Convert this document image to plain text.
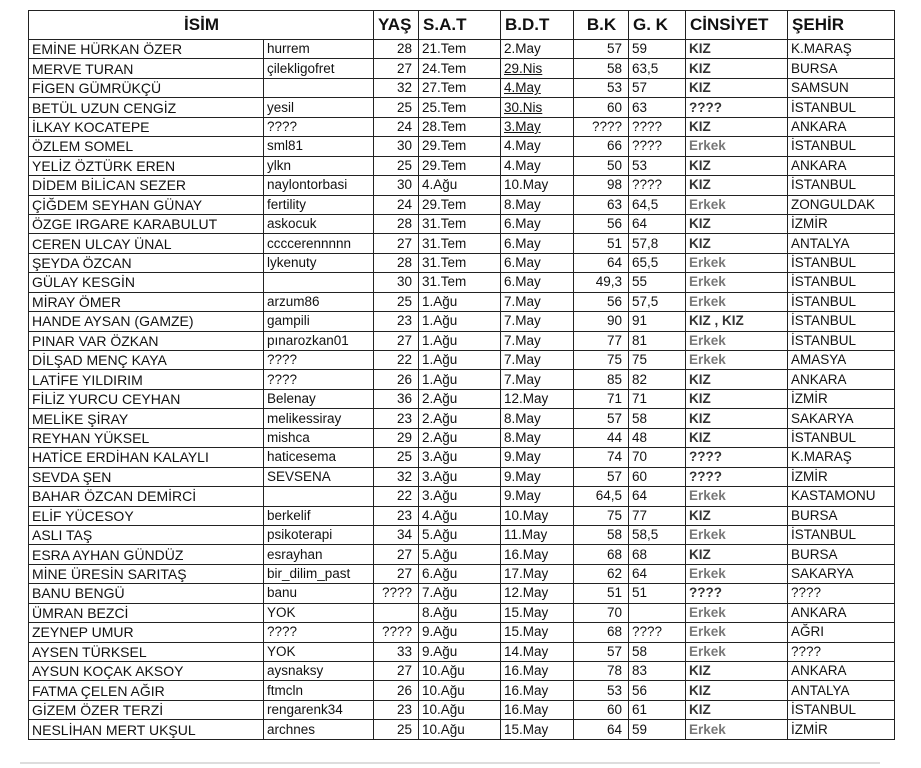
İSİM		YAŞ	S.A.T	B.D.T	B.K	G. K	CİNSİYET	ŞEHİR
EMİNE HÜRKAN ÖZER	hurrem	28	21.Tem	2.May	57	59	KIZ	K.MARAŞ
MERVE TURAN	çilekligofret	27	24.Tem	29.Nis	58	63,5	KIZ	BURSA
FİGEN GÜMRÜKÇÜ		32	27.Tem	4.May	53	57	KIZ	SAMSUN
BETÜL UZUN CENGİZ	yesil	25	25.Tem	30.Nis	60	63	????	İSTANBUL
İLKAY KOCATEPE	????	24	28.Tem	3.May	????	????	KIZ	ANKARA
ÖZLEM SOMEL	sml81	30	29.Tem	4.May	66	????	Erkek	İSTANBUL
YELİZ ÖZTÜRK EREN	ylkn	25	29.Tem	4.May	50	53	KIZ	ANKARA
DİDEM BİLİCAN SEZER	naylontorbasi	30	4.Ağu	10.May	98	????	KIZ	İSTANBUL
ÇİĞDEM SEYHAN GÜNAY	fertility	24	29.Tem	8.May	63	64,5	Erkek	ZONGULDAK
ÖZGE IRGARE KARABULUT	askocuk	28	31.Tem	6.May	56	64	KIZ	İZMİR
CEREN ULCAY ÜNAL	ccccerennnnn	27	31.Tem	6.May	51	57,8	KIZ	ANTALYA
ŞEYDA ÖZCAN	lykenuty	28	31.Tem	6.May	64	65,5	Erkek	İSTANBUL
GÜLAY KESGİN		30	31.Tem	6.May	49,3	55	Erkek	İSTANBUL
MİRAY ÖMER	arzum86	25	1.Ağu	7.May	56	57,5	Erkek	İSTANBUL
HANDE AYSAN (GAMZE)	gampili	23	1.Ağu	7.May	90	91	KIZ , KIZ	İSTANBUL
PINAR VAR ÖZKAN	pınarozkan01	27	1.Ağu	7.May	77	81	Erkek	İSTANBUL
DİLŞAD MENÇ KAYA	????	22	1.Ağu	7.May	75	75	Erkek	AMASYA
LATİFE YILDIRIM	????	26	1.Ağu	7.May	85	82	KIZ	ANKARA
FİLİZ YURCU CEYHAN	Belenay	36	2.Ağu	12.May	71	71	KIZ	İZMİR
MELİKE ŞİRAY	melikessiray	23	2.Ağu	8.May	57	58	KIZ	SAKARYA
REYHAN YÜKSEL	mishca	29	2.Ağu	8.May	44	48	KIZ	İSTANBUL
HATİCE ERDİHAN KALAYLI	haticesema	25	3.Ağu	9.May	74	70	????	K.MARAŞ
SEVDA ŞEN	SEVSENA	32	3.Ağu	9.May	57	60	????	İZMİR
BAHAR ÖZCAN DEMİRCİ		22	3.Ağu	9.May	64,5	64	Erkek	KASTAMONU
ELİF YÜCESOY	berkelif	23	4.Ağu	10.May	75	77	KIZ	BURSA
ASLI TAŞ	psikoterapi	34	5.Ağu	11.May	58	58,5	Erkek	İSTANBUL
ESRA AYHAN GÜNDÜZ	esrayhan	27	5.Ağu	16.May	68	68	KIZ	BURSA
MİNE ÜRESİN SARITAŞ	bir_dilim_past	27	6.Ağu	17.May	62	64	Erkek	SAKARYA
BANU BENGÜ	banu	????	7.Ağu	12.May	51	51	????	????
ÜMRAN BEZCİ	YOK		8.Ağu	15.May	70		Erkek	ANKARA
ZEYNEP UMUR	????	????	9.Ağu	15.May	68	????	Erkek	AĞRI
AYSEN TÜRKSEL	YOK	33	9.Ağu	14.May	57	58	Erkek	????
AYSUN KOÇAK AKSOY	aysnaksy	27	10.Ağu	16.May	78	83	KIZ	ANKARA
FATMA ÇELEN AĞIR	ftmcln	26	10.Ağu	16.May	53	56	KIZ	ANTALYA
GİZEM ÖZER TERZİ	rengarenk34	23	10.Ağu	16.May	60	61	KIZ	İSTANBUL
NESLİHAN MERT UKŞUL	archnes	25	10.Ağu	15.May	64	59	Erkek	İZMİR
